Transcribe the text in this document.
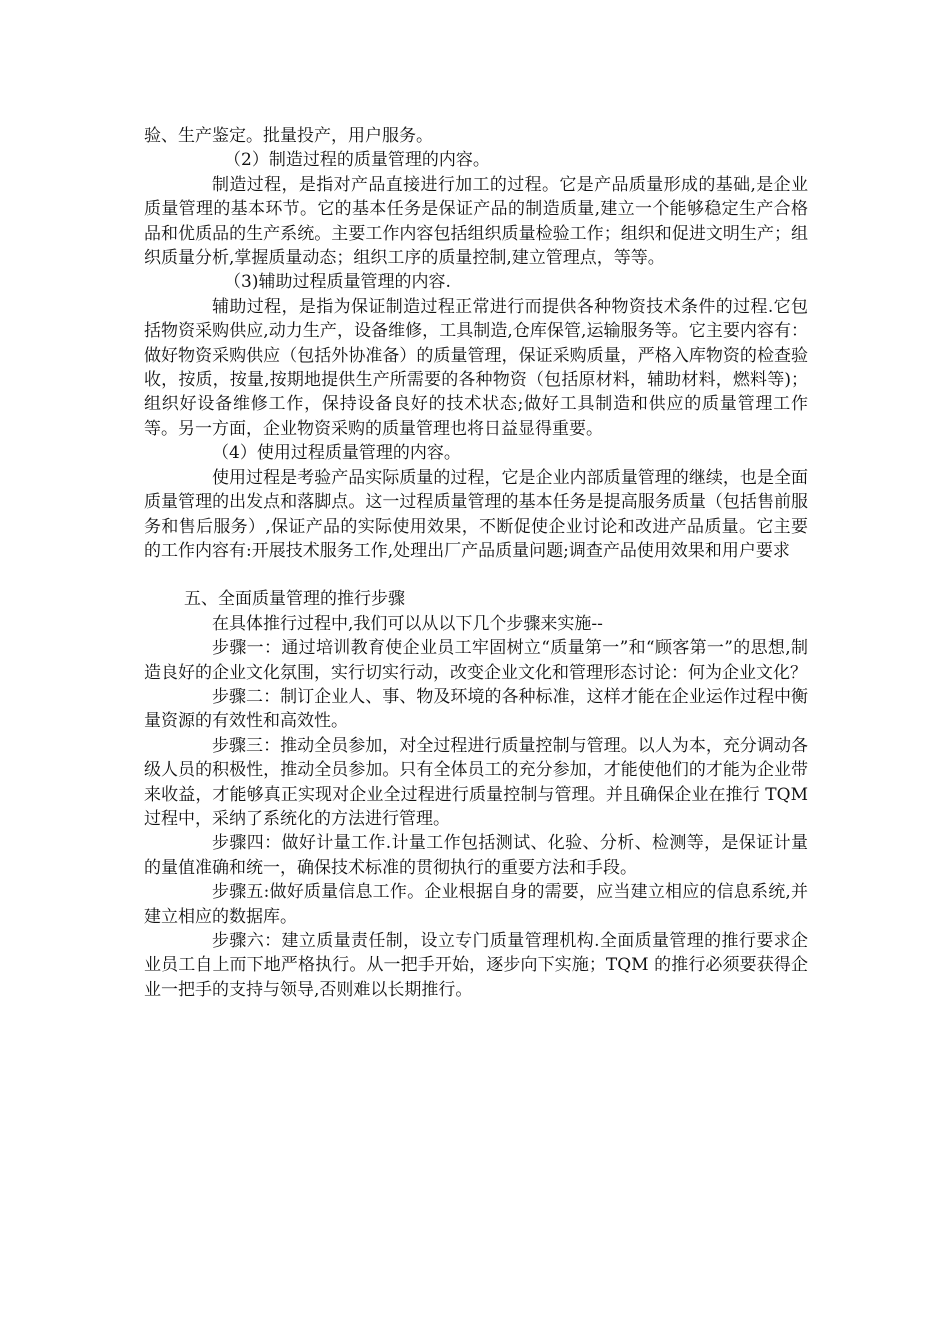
验、生产鉴定。批量投产，用户服务。

（2）制造过程的质量管理的内容。

制造过程，是指对产品直接进行加工的过程。它是产品质量形成的基础,是企业质量管理的基本环节。它的基本任务是保证产品的制造质量,建立一个能够稳定生产合格品和优质品的生产系统。主要工作内容包括组织质量检验工作；组织和促进文明生产；组织质量分析,掌握质量动态；组织工序的质量控制,建立管理点，等等。

（3)辅助过程质量管理的内容.

辅助过程，是指为保证制造过程正常进行而提供各种物资技术条件的过程.它包括物资采购供应,动力生产，设备维修，工具制造,仓库保管,运输服务等。它主要内容有：做好物资采购供应（包括外协准备）的质量管理，保证采购质量，严格入库物资的检查验收，按质，按量,按期地提供生产所需要的各种物资（包括原材料，辅助材料，燃料等)；组织好设备维修工作，保持设备良好的技术状态;做好工具制造和供应的质量管理工作等。另一方面，企业物资采购的质量管理也将日益显得重要。

（4）使用过程质量管理的内容。

使用过程是考验产品实际质量的过程，它是企业内部质量管理的继续，也是全面质量管理的出发点和落脚点。这一过程质量管理的基本任务是提高服务质量（包括售前服务和售后服务）,保证产品的实际使用效果，不断促使企业讨论和改进产品质量。它主要的工作内容有:开展技术服务工作,处理出厂产品质量问题;调查产品使用效果和用户要求

五、全面质量管理的推行步骤

在具体推行过程中,我们可以从以下几个步骤来实施--

步骤一：通过培训教育使企业员工牢固树立“质量第一”和“顾客第一”的思想,制造良好的企业文化氛围，实行切实行动，改变企业文化和管理形态讨论：何为企业文化？

步骤二：制订企业人、事、物及环境的各种标准，这样才能在企业运作过程中衡量资源的有效性和高效性。

步骤三：推动全员参加，对全过程进行质量控制与管理。以人为本，充分调动各级人员的积极性，推动全员参加。只有全体员工的充分参加，才能使他们的才能为企业带来收益，才能够真正实现对企业全过程进行质量控制与管理。并且确保企业在推行 TQM 过程中，采纳了系统化的方法进行管理。

步骤四：做好计量工作.计量工作包括测试、化验、分析、检测等，是保证计量的量值准确和统一，确保技术标准的贯彻执行的重要方法和手段。

步骤五:做好质量信息工作。企业根据自身的需要，应当建立相应的信息系统,并建立相应的数据库。

步骤六：建立质量责任制，设立专门质量管理机构.全面质量管理的推行要求企业员工自上而下地严格执行。从一把手开始，逐步向下实施；TQM 的推行必须要获得企业一把手的支持与领导,否则难以长期推行。
